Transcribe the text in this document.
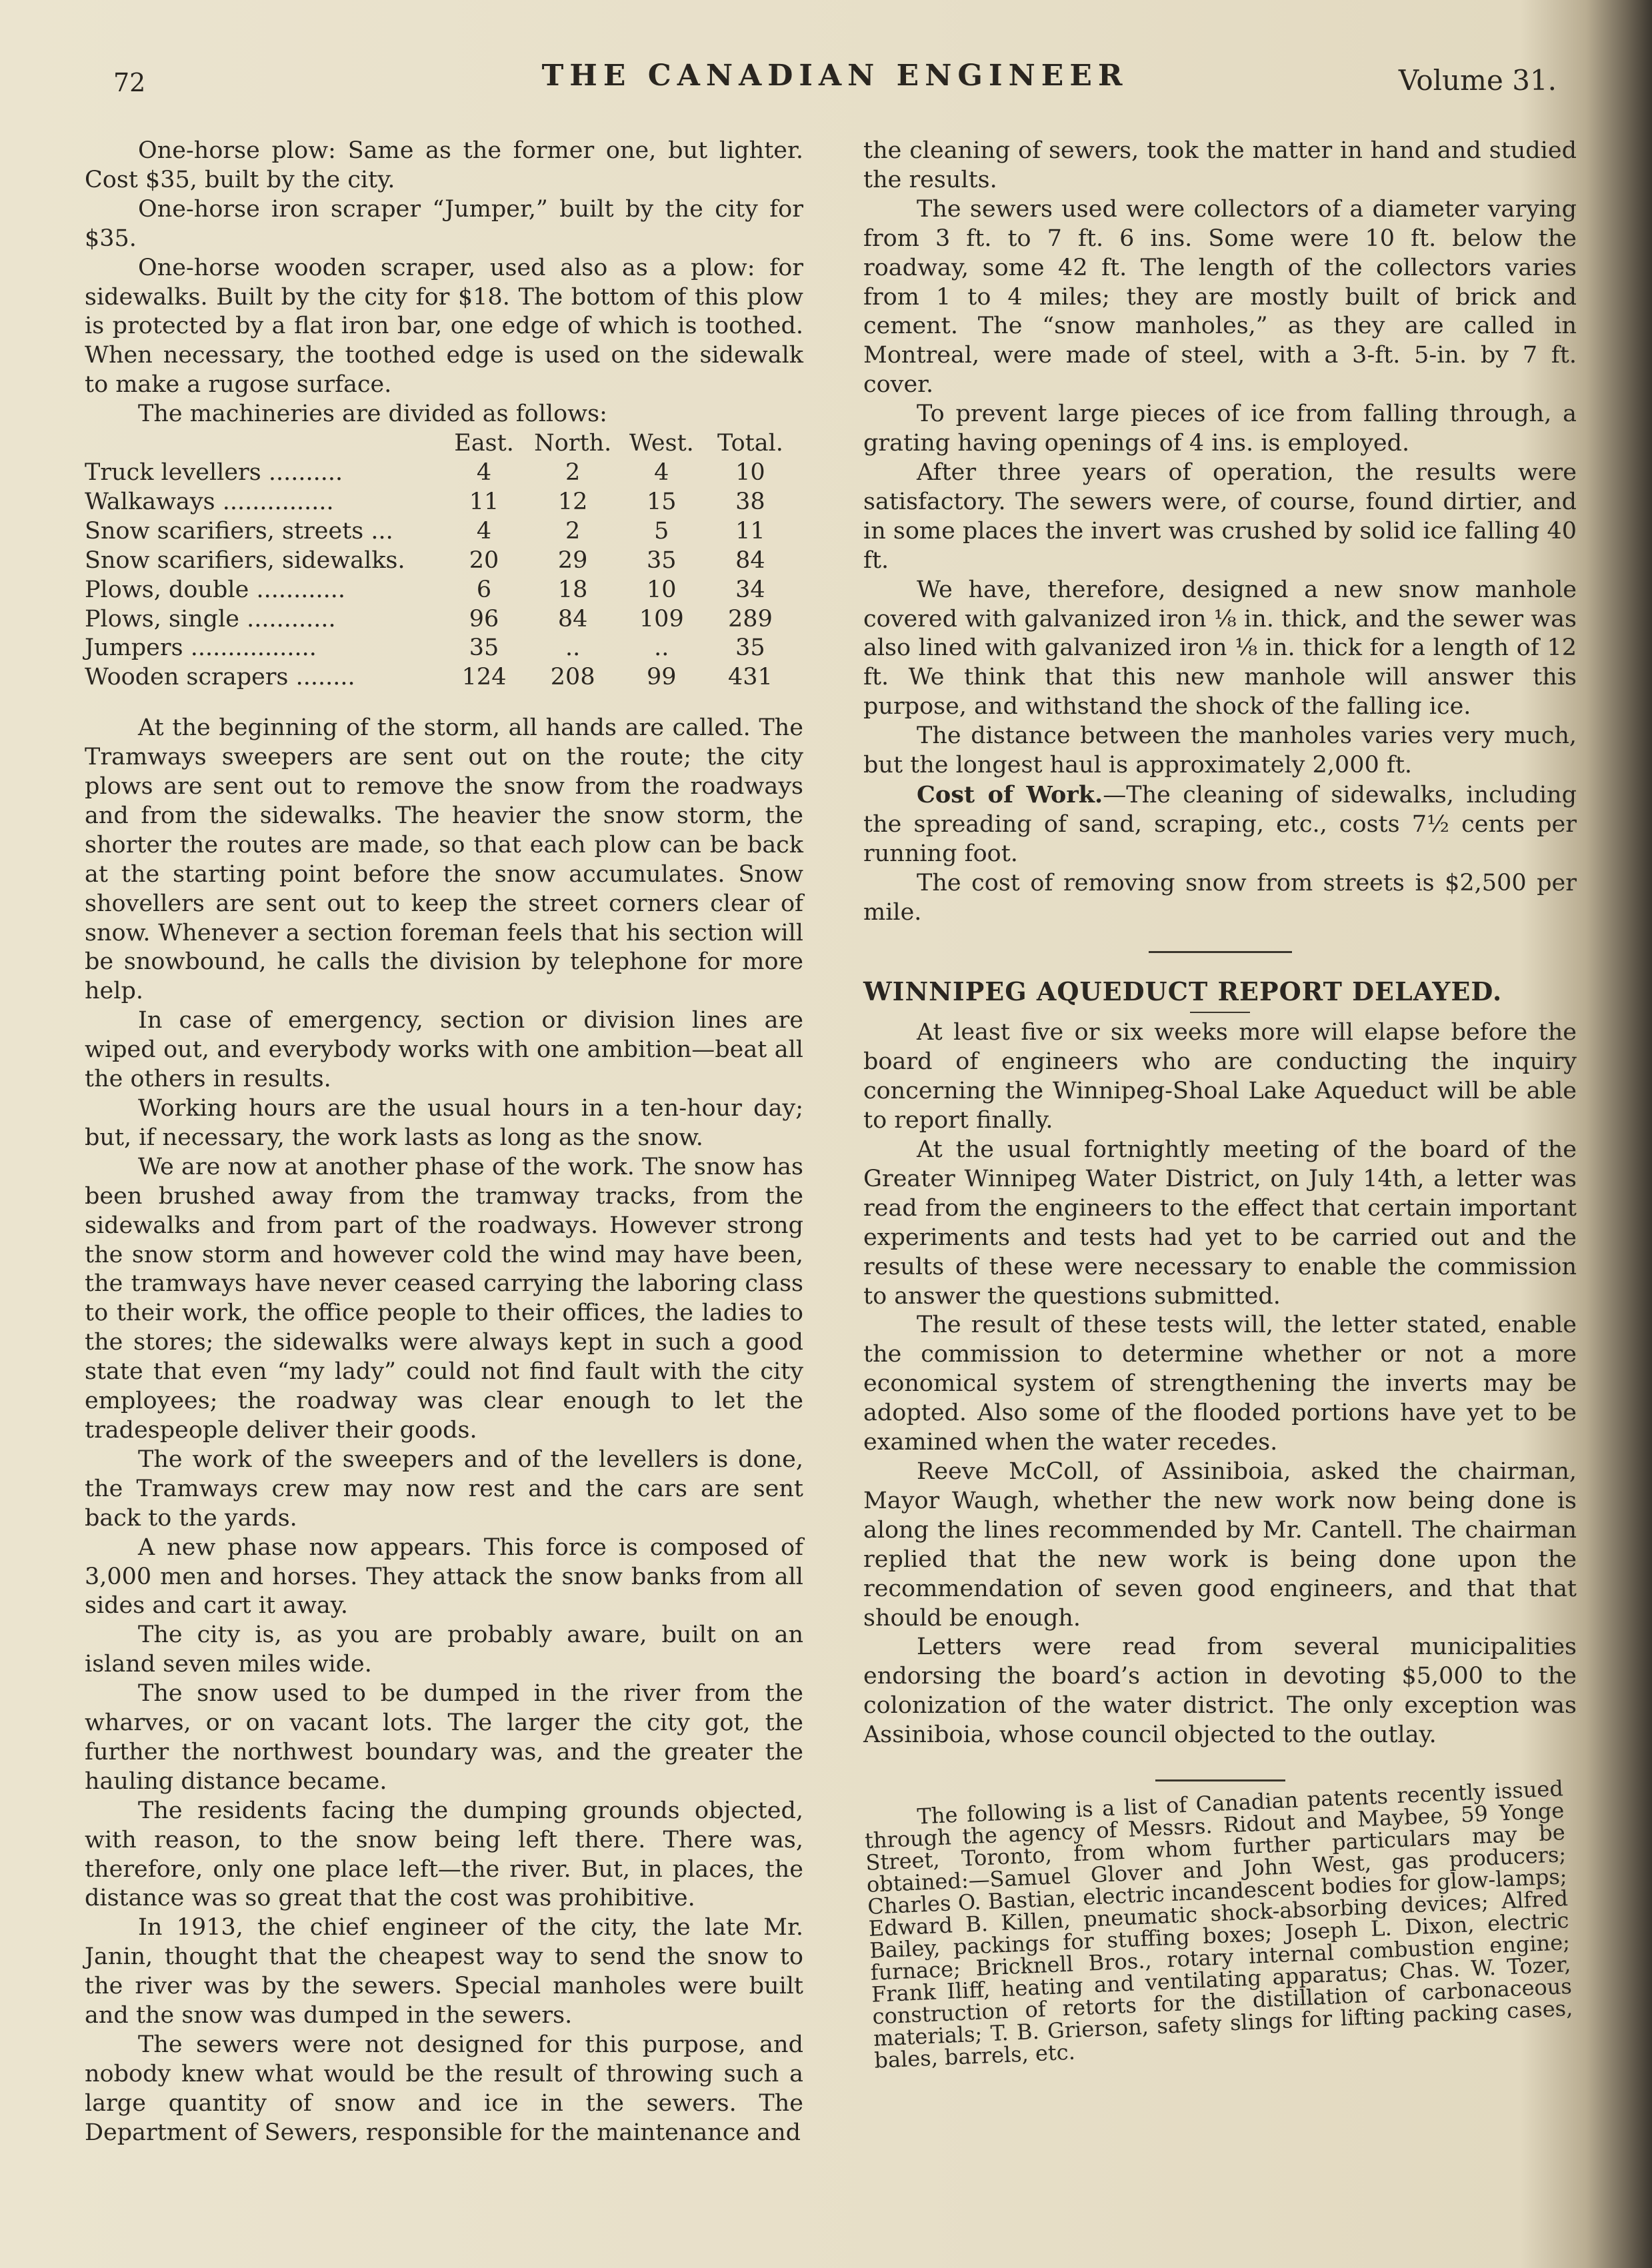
72	THE CANADIAN ENGINEER	Volume 31.

One-horse plow: Same as the former one, but lighter. Cost $35, built by the city.

One-horse iron scraper “Jumper,” built by the city for $35.

One-horse wooden scraper, used also as a plow: for sidewalks. Built by the city for $18. The bottom of this plow is protected by a flat iron bar, one edge of which is toothed. When necessary, the toothed edge is used on the sidewalk to make a rugose surface.

The machineries are divided as follows:

	East.	North.	West.	Total.
Truck levellers ..........	4	2	4	10
Walkaways ...............	11	12	15	38
Snow scarifiers, streets ...	4	2	5	11
Snow scarifiers, sidewalks.	20	29	35	84
Plows, double ............	6	18	10	34
Plows, single ............	96	84	109	289
Jumpers .................	35	..	..	35
Wooden scrapers ........	124	208	99	431

At the beginning of the storm, all hands are called. The Tramways sweepers are sent out on the route; the city plows are sent out to remove the snow from the roadways and from the sidewalks. The heavier the snow storm, the shorter the routes are made, so that each plow can be back at the starting point before the snow accumulates. Snow shovellers are sent out to keep the street corners clear of snow. Whenever a section foreman feels that his section will be snowbound, he calls the division by telephone for more help.

In case of emergency, section or division lines are wiped out, and everybody works with one ambition—beat all the others in results.

Working hours are the usual hours in a ten-hour day; but, if necessary, the work lasts as long as the snow.

We are now at another phase of the work. The snow has been brushed away from the tramway tracks, from the sidewalks and from part of the roadways. However strong the snow storm and however cold the wind may have been, the tramways have never ceased carrying the laboring class to their work, the office people to their offices, the ladies to the stores; the sidewalks were always kept in such a good state that even “my lady” could not find fault with the city employees; the roadway was clear enough to let the tradespeople deliver their goods.

The work of the sweepers and of the levellers is done, the Tramways crew may now rest and the cars are sent back to the yards.

A new phase now appears. This force is composed of 3,000 men and horses. They attack the snow banks from all sides and cart it away.

The city is, as you are probably aware, built on an island seven miles wide.

The snow used to be dumped in the river from the wharves, or on vacant lots. The larger the city got, the further the northwest boundary was, and the greater the hauling distance became.

The residents facing the dumping grounds objected, with reason, to the snow being left there. There was, therefore, only one place left—the river. But, in places, the distance was so great that the cost was prohibitive.

In 1913, the chief engineer of the city, the late Mr. Janin, thought that the cheapest way to send the snow to the river was by the sewers. Special manholes were built and the snow was dumped in the sewers.

The sewers were not designed for this purpose, and nobody knew what would be the result of throwing such a large quantity of snow and ice in the sewers. The Department of Sewers, responsible for the maintenance and

the cleaning of sewers, took the matter in hand and studied the results.

The sewers used were collectors of a diameter varying from 3 ft. to 7 ft. 6 ins. Some were 10 ft. below the roadway, some 42 ft. The length of the collectors varies from 1 to 4 miles; they are mostly built of brick and cement. The “snow manholes,” as they are called in Montreal, were made of steel, with a 3-ft. 5-in. by 7 ft. cover.

To prevent large pieces of ice from falling through, a grating having openings of 4 ins. is employed.

After three years of operation, the results were satisfactory. The sewers were, of course, found dirtier, and in some places the invert was crushed by solid ice falling 40 ft.

We have, therefore, designed a new snow manhole covered with galvanized iron ⅛ in. thick, and the sewer was also lined with galvanized iron ⅛ in. thick for a length of 12 ft. We think that this new manhole will answer this purpose, and withstand the shock of the falling ice.

The distance between the manholes varies very much, but the longest haul is approximately 2,000 ft.

Cost of Work.—The cleaning of sidewalks, including the spreading of sand, scraping, etc., costs 7½ cents per running foot.

The cost of removing snow from streets is $2,500 per mile.

WINNIPEG AQUEDUCT REPORT DELAYED.

At least five or six weeks more will elapse before the board of engineers who are conducting the inquiry concerning the Winnipeg-Shoal Lake Aqueduct will be able to report finally.

At the usual fortnightly meeting of the board of the Greater Winnipeg Water District, on July 14th, a letter was read from the engineers to the effect that certain important experiments and tests had yet to be carried out and the results of these were necessary to enable the commission to answer the questions submitted.

The result of these tests will, the letter stated, enable the commission to determine whether or not a more economical system of strengthening the inverts may be adopted. Also some of the flooded portions have yet to be examined when the water recedes.

Reeve McColl, of Assiniboia, asked the chairman, Mayor Waugh, whether the new work now being done is along the lines recommended by Mr. Cantell. The chairman replied that the new work is being done upon the recommendation of seven good engineers, and that that should be enough.

Letters were read from several municipalities endorsing the board’s action in devoting $5,000 to the colonization of the water district. The only exception was Assiniboia, whose council objected to the outlay.

The following is a list of Canadian patents recently issued through the agency of Messrs. Ridout and Maybee, 59 Yonge Street, Toronto, from whom further particulars may be obtained:—Samuel Glover and John West, gas producers; Charles O. Bastian, electric incandescent bodies for glow-lamps; Edward B. Killen, pneumatic shock-absorbing devices; Alfred Bailey, packings for stuffing boxes; Joseph L. Dixon, electric furnace; Bricknell Bros., rotary internal combustion engine; Frank Iliff, heating and ventilating apparatus; Chas. W. Tozer, construction of retorts for the distillation of carbonaceous materials; T. B. Grierson, safety slings for lifting packing cases, bales, barrels, etc.
